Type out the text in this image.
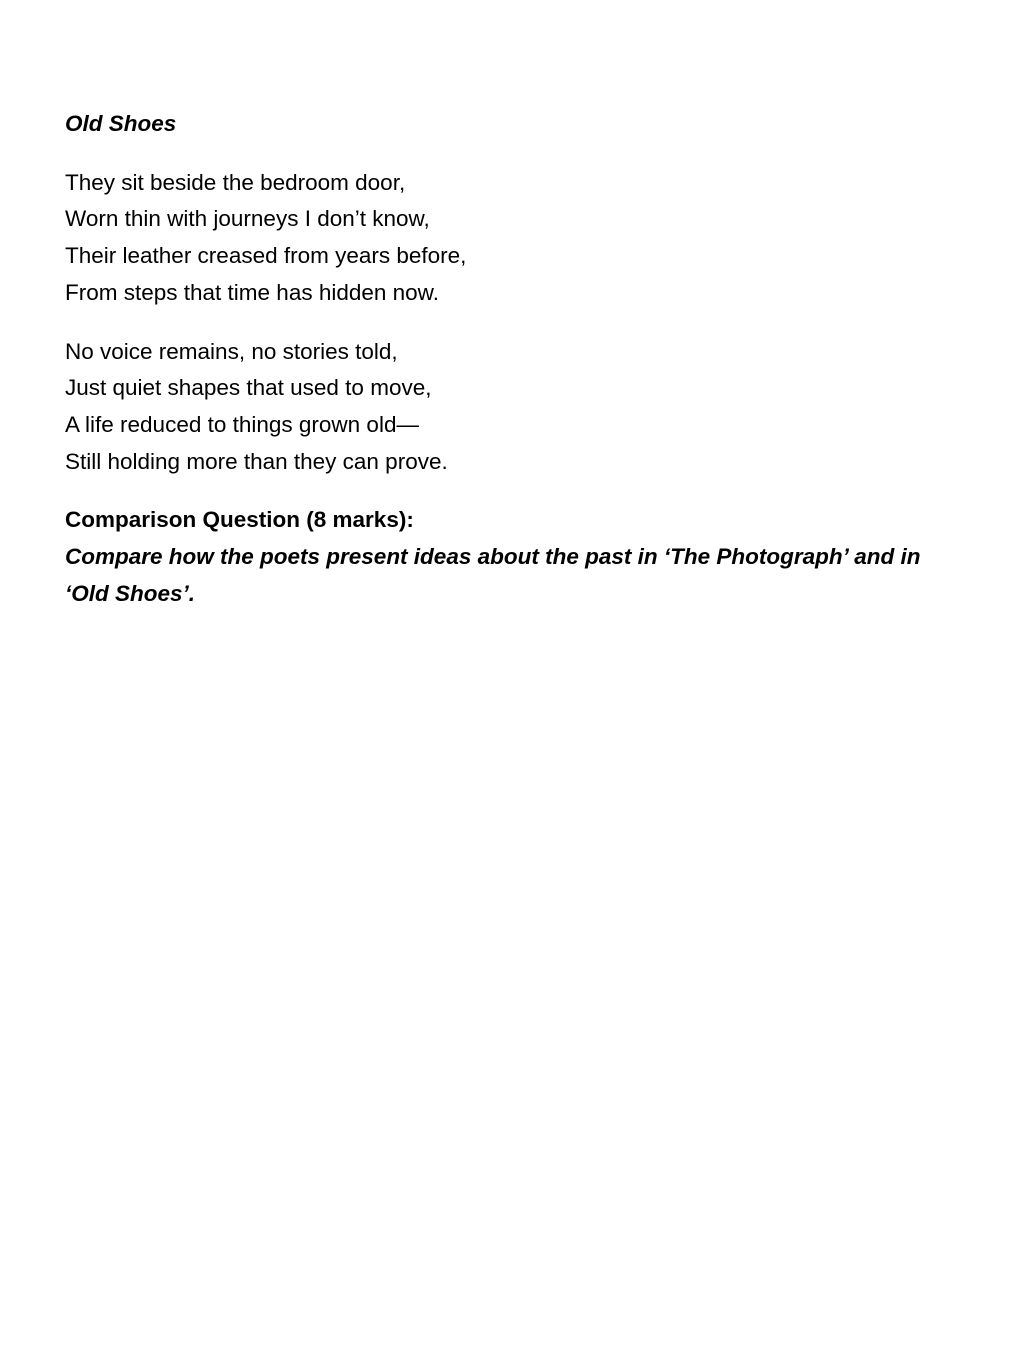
Old Shoes
They sit beside the bedroom door,
Worn thin with journeys I don’t know,
Their leather creased from years before,
From steps that time has hidden now.
No voice remains, no stories told,
Just quiet shapes that used to move,
A life reduced to things grown old—
Still holding more than they can prove.
Comparison Question (8 marks):
Compare how the poets present ideas about the past in ‘The Photograph’ and in ‘Old Shoes’.
